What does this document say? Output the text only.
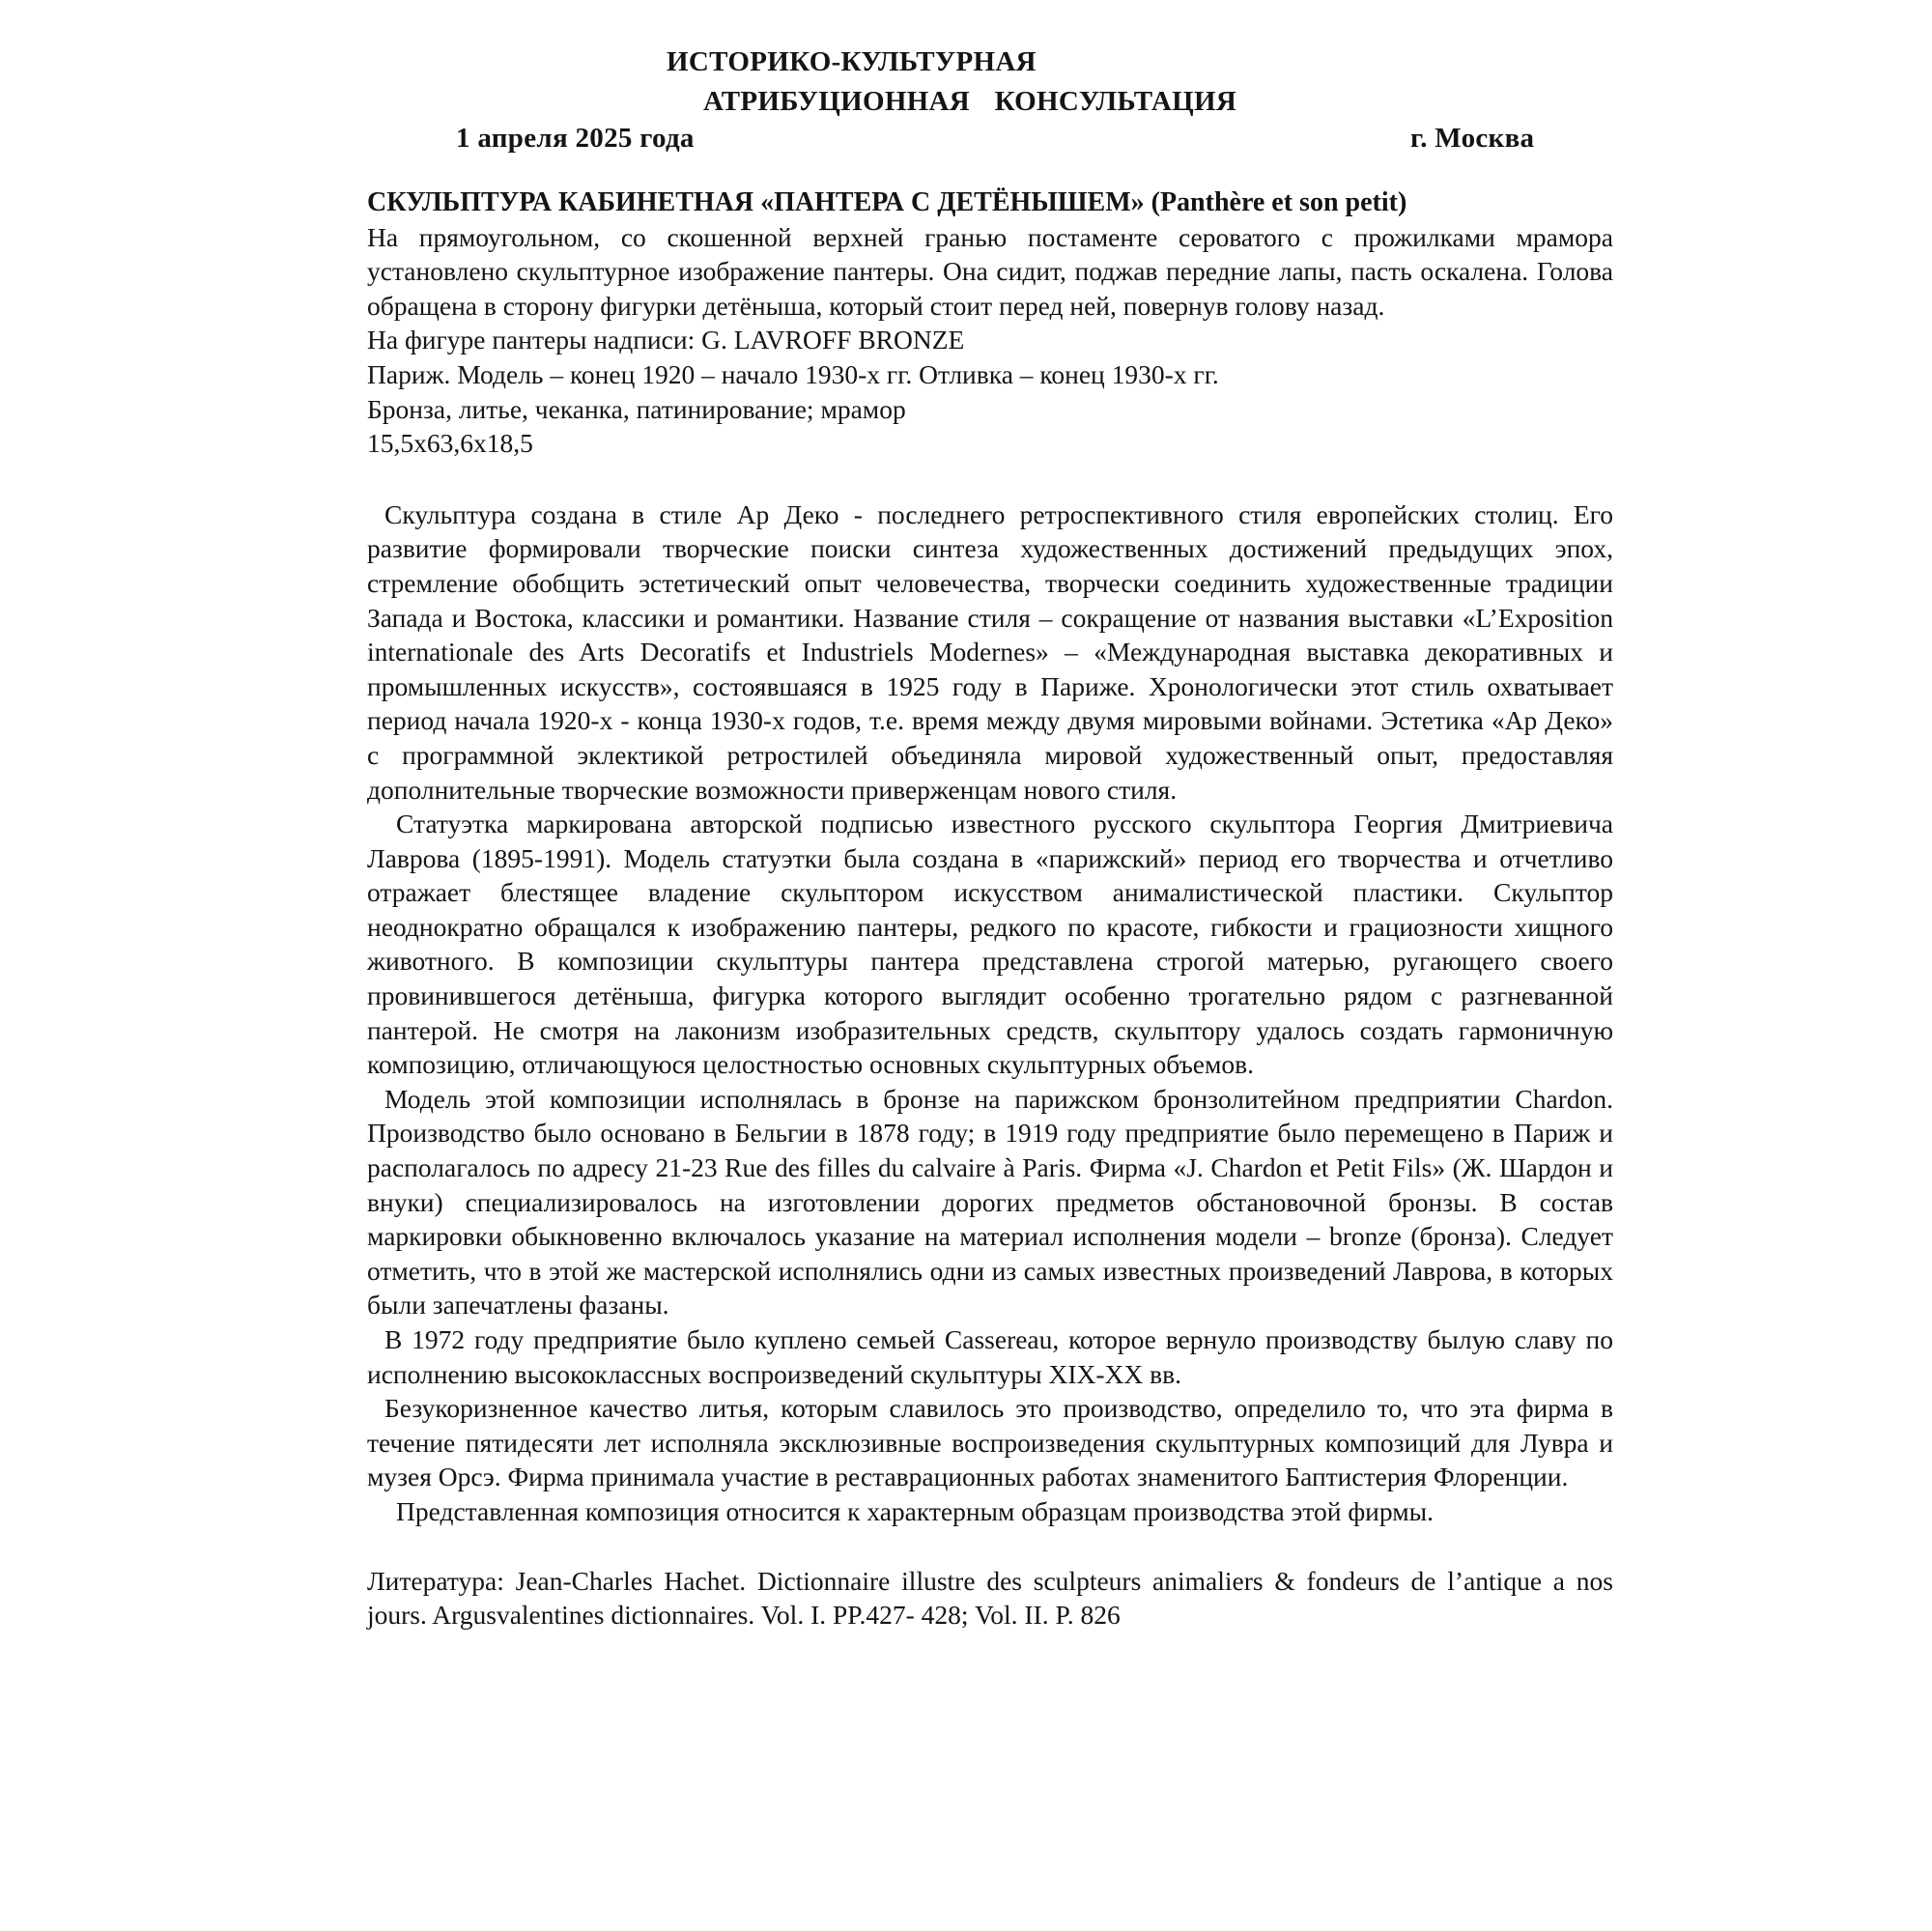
ИСТОРИКО-КУЛЬТУРНАЯ
АТРИБУЦИОННАЯ КОНСУЛЬТАЦИЯ
1 апреля 2025 года	г. Москва
СКУЛЬПТУРА КАБИНЕТНАЯ «ПАНТЕРА С ДЕТЁНЫШЕМ» (Panthère et son petit)

На прямоугольном, со скошенной верхней гранью постаменте сероватого с прожилками мрамора установлено скульптурное изображение пантеры. Она сидит, поджав передние лапы, пасть оскалена. Голова обращена в сторону фигурки детёныша, который стоит перед ней, повернув голову назад.

На фигуре пантеры надписи: G. LAVROFF BRONZE

Париж. Модель – конец 1920 – начало 1930-х гг. Отливка – конец 1930-х гг.

Бронза, литье, чеканка, патинирование; мрамор

15,5х63,6х18,5

Скульптура создана в стиле Ар Деко - последнего ретроспективного стиля европейских столиц. Его развитие формировали творческие поиски синтеза художественных достижений предыдущих эпох, стремление обобщить эстетический опыт человечества, творчески соединить художественные традиции Запада и Востока, классики и романтики. Название стиля – сокращение от названия выставки «L’Exposition internationale des Arts Decoratifs et Industriels Modernes» – «Международная выставка декоративных и промышленных искусств», состоявшаяся в 1925 году в Париже. Хронологически этот стиль охватывает период начала 1920-х - конца 1930-х годов, т.е. время между двумя мировыми войнами. Эстетика «Ар Деко» с программной эклектикой ретростилей объединяла мировой художественный опыт, предоставляя дополнительные творческие возможности приверженцам нового стиля.

Статуэтка маркирована авторской подписью известного русского скульптора Георгия Дмитриевича Лаврова (1895-1991). Модель статуэтки была создана в «парижский» период его творчества и отчетливо отражает блестящее владение скульптором искусством анималистической пластики. Скульптор неоднократно обращался к изображению пантеры, редкого по красоте, гибкости и грациозности хищного животного. В композиции скульптуры пантера представлена строгой матерью, ругающего своего провинившегося детёныша, фигурка которого выглядит особенно трогательно рядом с разгневанной пантерой. Не смотря на лаконизм изобразительных средств, скульптору удалось создать гармоничную композицию, отличающуюся целостностью основных скульптурных объемов.

Модель этой композиции исполнялась в бронзе на парижском бронзолитейном предприятии Chardon. Производство было основано в Бельгии в 1878 году; в 1919 году предприятие было перемещено в Париж и располагалось по адресу 21-23 Rue des filles du calvaire à Paris. Фирма «J. Chardon et Petit Fils» (Ж. Шардон и внуки) специализировалось на изготовлении дорогих предметов обстановочной бронзы. В состав маркировки обыкновенно включалось указание на материал исполнения модели – bronze (бронза). Следует отметить, что в этой же мастерской исполнялись одни из самых известных произведений Лаврова, в которых были запечатлены фазаны.

В 1972 году предприятие было куплено семьей Cassereau, которое вернуло производству былую славу по исполнению высококлассных воспроизведений скульптуры XIX-XX вв.

Безукоризненное качество литья, которым славилось это производство, определило то, что эта фирма в течение пятидесяти лет исполняла эксклюзивные воспроизведения скульптурных композиций для Лувра и музея Орсэ. Фирма принимала участие в реставрационных работах знаменитого Баптистерия Флоренции.

Представленная композиция относится к характерным образцам производства этой фирмы.

Литература: Jean-Charles Hachet. Dictionnaire illustre des sculpteurs animaliers & fondeurs de l’antique a nos jours. Argusvalentines dictionnaires. Vol. I. PP.427- 428; Vol. II. P. 826
